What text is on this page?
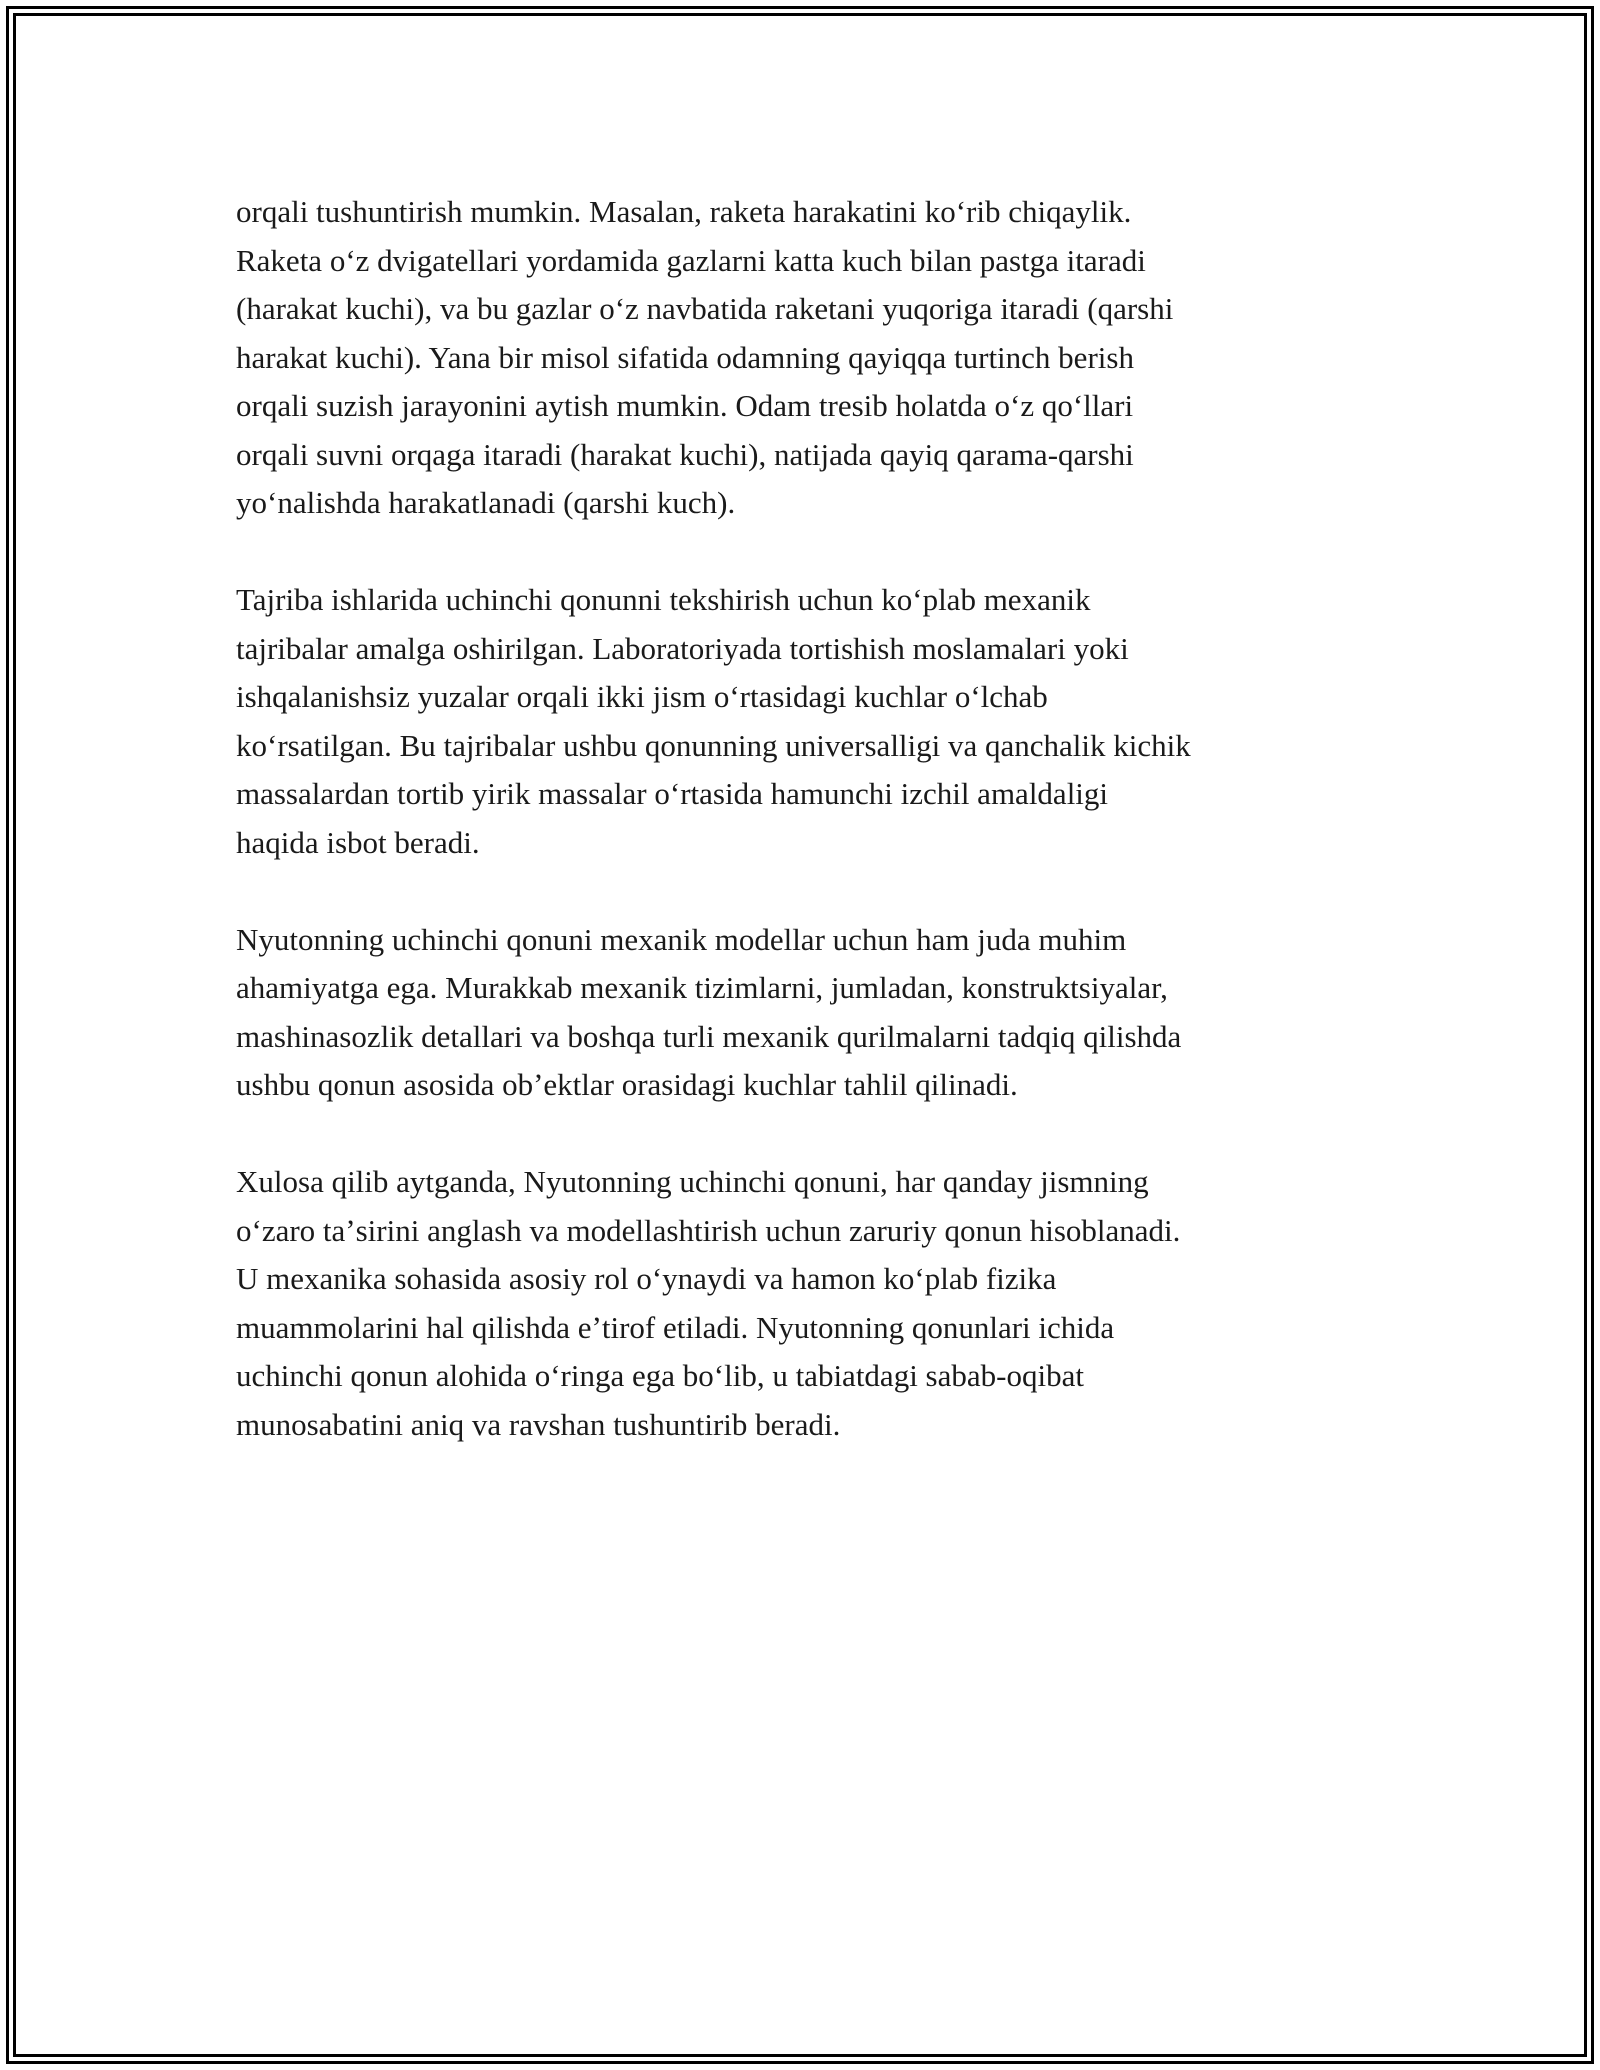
orqali tushuntirish mumkin. Masalan, raketa harakatini koʻrib chiqaylik.
Raketa oʻz dvigatellari yordamida gazlarni katta kuch bilan pastga itaradi
(harakat kuchi), va bu gazlar oʻz navbatida raketani yuqoriga itaradi (qarshi
harakat kuchi). Yana bir misol sifatida odamning qayiqqa turtinch berish
orqali suzish jarayonini aytish mumkin. Odam tresib holatda oʻz qoʻllari
orqali suvni orqaga itaradi (harakat kuchi), natijada qayiq qarama-qarshi
yoʻnalishda harakatlanadi (qarshi kuch).

Tajriba ishlarida uchinchi qonunni tekshirish uchun koʻplab mexanik
tajribalar amalga oshirilgan. Laboratoriyada tortishish moslamalari yoki
ishqalanishsiz yuzalar orqali ikki jism oʻrtasidagi kuchlar oʻlchab
koʻrsatilgan. Bu tajribalar ushbu qonunning universalligi va qanchalik kichik
massalardan tortib yirik massalar oʻrtasida hamunchi izchil amaldaligi
haqida isbot beradi.

Nyutonning uchinchi qonuni mexanik modellar uchun ham juda muhim
ahamiyatga ega. Murakkab mexanik tizimlarni, jumladan, konstruktsiyalar,
mashinasozlik detallari va boshqa turli mexanik qurilmalarni tadqiq qilishda
ushbu qonun asosida obʼektlar orasidagi kuchlar tahlil qilinadi.

Xulosa qilib aytganda, Nyutonning uchinchi qonuni, har qanday jismning
oʻzaro taʼsirini anglash va modellashtirish uchun zaruriy qonun hisoblanadi.
U mexanika sohasida asosiy rol oʻynaydi va hamon koʻplab fizika
muammolarini hal qilishda eʼtirof etiladi. Nyutonning qonunlari ichida
uchinchi qonun alohida oʻringa ega boʻlib, u tabiatdagi sabab-oqibat
munosabatini aniq va ravshan tushuntirib beradi.
